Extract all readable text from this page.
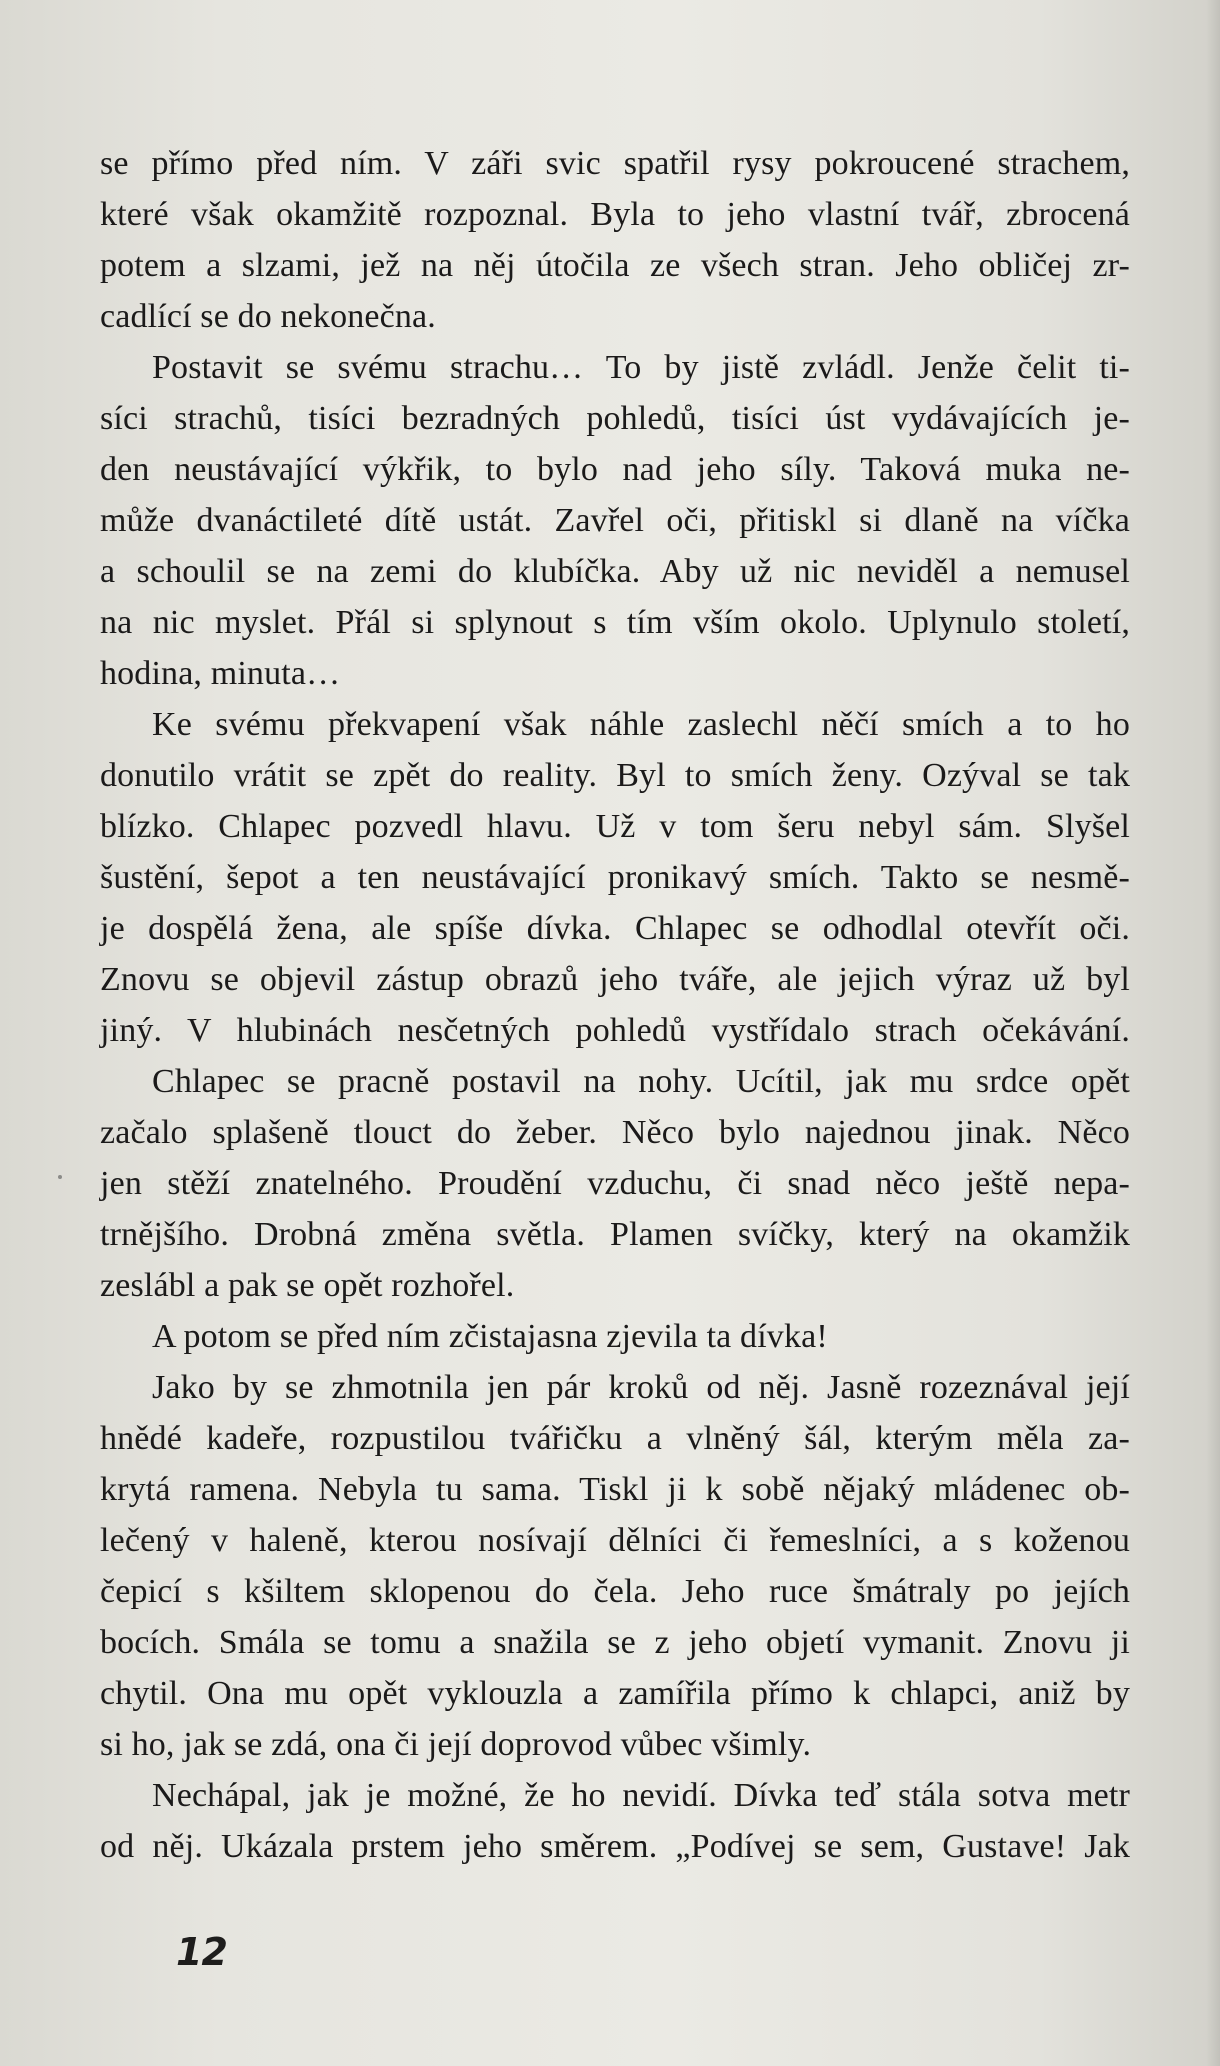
se přímo před ním. V záři svic spatřil rysy pokroucené strachem,
které však okamžitě rozpoznal. Byla to jeho vlastní tvář, zbrocená
potem a slzami, jež na něj útočila ze všech stran. Jeho obličej zr-
cadlící se do nekonečna.
Postavit se svému strachu… To by jistě zvládl. Jenže čelit ti-
síci strachů, tisíci bezradných pohledů, tisíci úst vydávajících je-
den neustávající výkřik, to bylo nad jeho síly. Taková muka ne-
může dvanáctileté dítě ustát. Zavřel oči, přitiskl si dlaně na víčka
a schoulil se na zemi do klubíčka. Aby už nic neviděl a nemusel
na nic myslet. Přál si splynout s tím vším okolo. Uplynulo století,
hodina, minuta…
Ke svému překvapení však náhle zaslechl něčí smích a to ho
donutilo vrátit se zpět do reality. Byl to smích ženy. Ozýval se tak
blízko. Chlapec pozvedl hlavu. Už v tom šeru nebyl sám. Slyšel
šustění, šepot a ten neustávající pronikavý smích. Takto se nesmě-
je dospělá žena, ale spíše dívka. Chlapec se odhodlal otevřít oči.
Znovu se objevil zástup obrazů jeho tváře, ale jejich výraz už byl
jiný. V hlubinách nesčetných pohledů vystřídalo strach očekávání.
Chlapec se pracně postavil na nohy. Ucítil, jak mu srdce opět
začalo splašeně tlouct do žeber. Něco bylo najednou jinak. Něco
jen stěží znatelného. Proudění vzduchu, či snad něco ještě nepa-
trnějšího. Drobná změna světla. Plamen svíčky, který na okamžik
zeslábl a pak se opět rozhořel.
A potom se před ním zčistajasna zjevila ta dívka!
Jako by se zhmotnila jen pár kroků od něj. Jasně rozeznával její
hnědé kadeře, rozpustilou tvářičku a vlněný šál, kterým měla za-
krytá ramena. Nebyla tu sama. Tiskl ji k sobě nějaký mládenec ob-
lečený v haleně, kterou nosívají dělníci či řemeslníci, a s koženou
čepicí s kšiltem sklopenou do čela. Jeho ruce šmátraly po jejích
bocích. Smála se tomu a snažila se z jeho objetí vymanit. Znovu ji
chytil. Ona mu opět vyklouzla a zamířila přímo k chlapci, aniž by
si ho, jak se zdá, ona či její doprovod vůbec všimly.
Nechápal, jak je možné, že ho nevidí. Dívka teď stála sotva metr
od něj. Ukázala prstem jeho směrem. „Podívej se sem, Gustave! Jak
12
